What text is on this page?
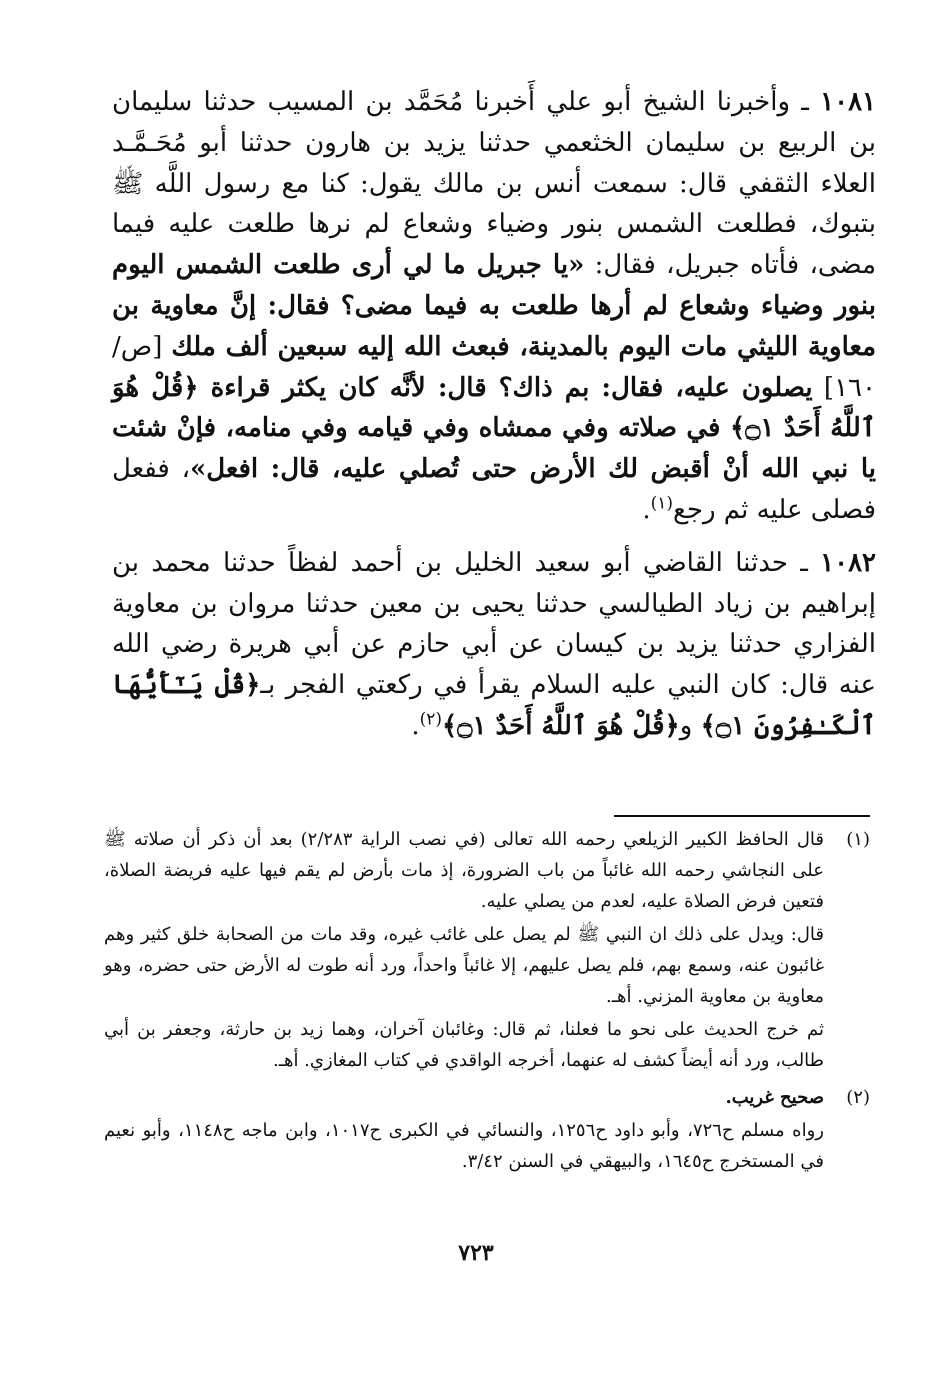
١٠٨١ ـ وأخبرنا الشيخ أبو علي أَخبرنا مُحَمَّد بن المسيب حدثنا سليمان بن الربيع بن سليمان الخثعمي حدثنا يزيد بن هارون حدثنا أبو مُحَـمَّـد العلاء الثقفي قال: سمعت أنس بن مالك يقول: كنا مع رسول اللَّه ﷺ بتبوك، فطلعت الشمس بنور وضياء وشعاع لم نرها طلعت عليه فيما مضى، فأتاه جبريل، فقال: «يا جبريل ما لي أرى طلعت الشمس اليوم بنور وضياء وشعاع لم أرها طلعت به فيما مضى؟ فقال: إنَّ معاوية بن معاوية الليثي مات اليوم بالمدينة، فبعث الله إليه سبعين ألف ملك [ص/١٦٠] يصلون عليه، فقال: بم ذاك؟ قال: لأنَّه كان يكثر قراءة ﴿قُلْ هُوَ ٱللَّهُ أَحَدٌ ۝١﴾ في صلاته وفي ممشاه وفي قيامه وفي منامه، فإنْ شئت يا نبي الله أنْ أقبض لك الأرض حتى تُصلي عليه، قال: افعل»، ففعل فصلى عليه ثم رجع$^{(١)}$.

١٠٨٢ ـ حدثنا القاضي أبو سعيد الخليل بن أحمد لفظاً حدثنا محمد بن إبراهيم بن زياد الطيالسي حدثنا يحيى بن معين حدثنا مروان بن معاوية الفزاري حدثنا يزيد بن كيسان عن أبي حازم عن أبي هريرة رضي الله عنه قال: كان النبي عليه السلام يقرأ في ركعتي الفجر بـ﴿قُلْ يَـٰٓأَيُّهَا ٱلْكَـٰفِرُونَ ۝١﴾ و﴿قُلْ هُوَ ٱللَّهُ أَحَدٌ ۝١﴾$^{(٢)}$.

(١)

قال الحافظ الكبير الزيلعي رحمه الله تعالى (في نصب الراية ٢/٢٨٣) بعد أن ذكر أن صلاته ﷺ على النجاشي رحمه الله غائباً من باب الضرورة، إذ مات بأرض لم يقم فيها عليه فريضة الصلاة، فتعين فرض الصلاة عليه، لعدم من يصلي عليه.

قال: ويدل على ذلك ان النبي ﷺ لم يصل على غائب غيره، وقد مات من الصحابة خلق كثير وهم غائبون عنه، وسمع بهم، فلم يصل عليهم، إلا غائباً واحداً، ورد أنه طوت له الأرض حتى حضره، وهو معاوية بن معاوية المزني. أهـ.

ثم خرج الحديث على نحو ما فعلنا، ثم قال: وغائبان آخران، وهما زيد بن حارثة، وجعفر بن أبي طالب، ورد أنه أيضاً كشف له عنهما، أخرجه الواقدي في كتاب المغازي. أهـ.

(٢)

صحيح غريب.

رواه مسلم ح٧٢٦، وأبو داود ح١٢٥٦، والنسائي في الكبرى ح١٠١٧، وابن ماجه ح١١٤٨، وأبو نعيم في المستخرج ح١٦٤٥، والبيهقي في السنن ٣/٤٢.

٧٢٣
